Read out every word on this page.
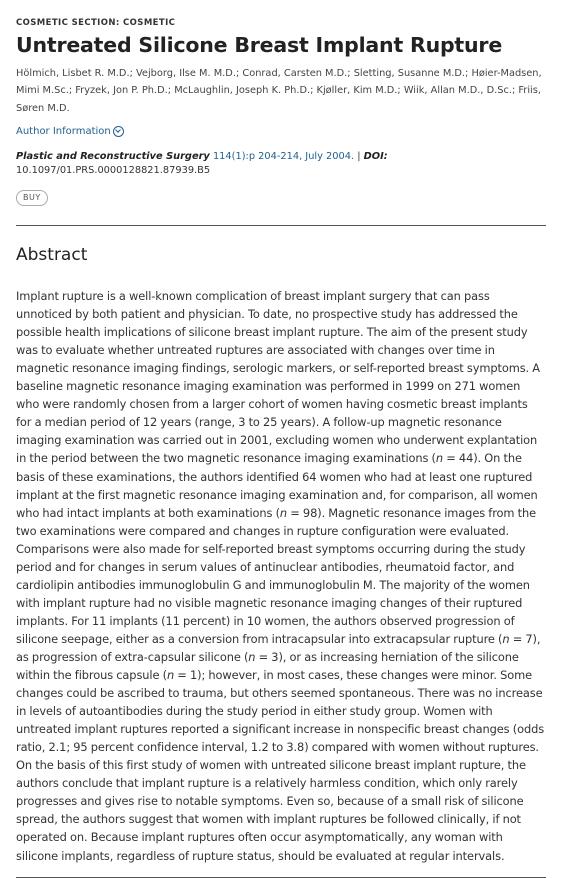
COSMETIC SECTION: COSMETIC
Untreated Silicone Breast Implant Rupture

Hölmich, Lisbet R. M.D.; Vejborg, Ilse M. M.D.; Conrad, Carsten M.D.; Sletting, Susanne M.D.; Høier-Madsen, Mimi M.Sc.; Fryzek, Jon P. Ph.D.; McLaughlin, Joseph K. Ph.D.; Kjøller, Kim M.D.; Wiik, Allan M.D., D.Sc.; Friis, Søren M.D.

Author Information
Plastic and Reconstructive Surgery 114(1):p 204-214, July 2004. | DOI: 10.1097/01.PRS.0000128821.87939.B5
BUY
Abstract

Implant rupture is a well-known complication of breast implant surgery that can pass unnoticed by both patient and physician. To date, no prospective study has addressed the possible health implications of silicone breast implant rupture. The aim of the present study was to evaluate whether untreated ruptures are associated with changes over time in magnetic resonance imaging findings, serologic markers, or self-reported breast symptoms. A baseline magnetic resonance imaging examination was performed in 1999 on 271 women who were randomly chosen from a larger cohort of women having cosmetic breast implants for a median period of 12 years (range, 3 to 25 years). A follow-up magnetic resonance imaging examination was carried out in 2001, excluding women who underwent explantation in the period between the two magnetic resonance imaging examinations (n = 44). On the basis of these examinations, the authors identified 64 women who had at least one ruptured implant at the first magnetic resonance imaging examination and, for comparison, all women who had intact implants at both examinations (n = 98). Magnetic resonance images from the two examinations were compared and changes in rupture configuration were evaluated. Comparisons were also made for self-reported breast symptoms occurring during the study period and for changes in serum values of antinuclear antibodies, rheumatoid factor, and cardiolipin antibodies immunoglobulin G and immunoglobulin M. The majority of the women with implant rupture had no visible magnetic resonance imaging changes of their ruptured implants. For 11 implants (11 percent) in 10 women, the authors observed progression of silicone seepage, either as a conversion from intracapsular into extracapsular rupture (n = 7), as progression of extra-capsular silicone (n = 3), or as increasing herniation of the silicone within the fibrous capsule (n = 1); however, in most cases, these changes were minor. Some changes could be ascribed to trauma, but others seemed spontaneous. There was no increase in levels of autoantibodies during the study period in either study group. Women with untreated implant ruptures reported a significant increase in nonspecific breast changes (odds ratio, 2.1; 95 percent confidence interval, 1.2 to 3.8) compared with women without ruptures. On the basis of this first study of women with untreated silicone breast implant rupture, the authors conclude that implant rupture is a relatively harmless condition, which only rarely progresses and gives rise to notable symptoms. Even so, because of a small risk of silicone spread, the authors suggest that women with implant ruptures be followed clinically, if not operated on. Because implant ruptures often occur asymptomatically, any woman with silicone implants, regardless of rupture status, should be evaluated at regular intervals.
